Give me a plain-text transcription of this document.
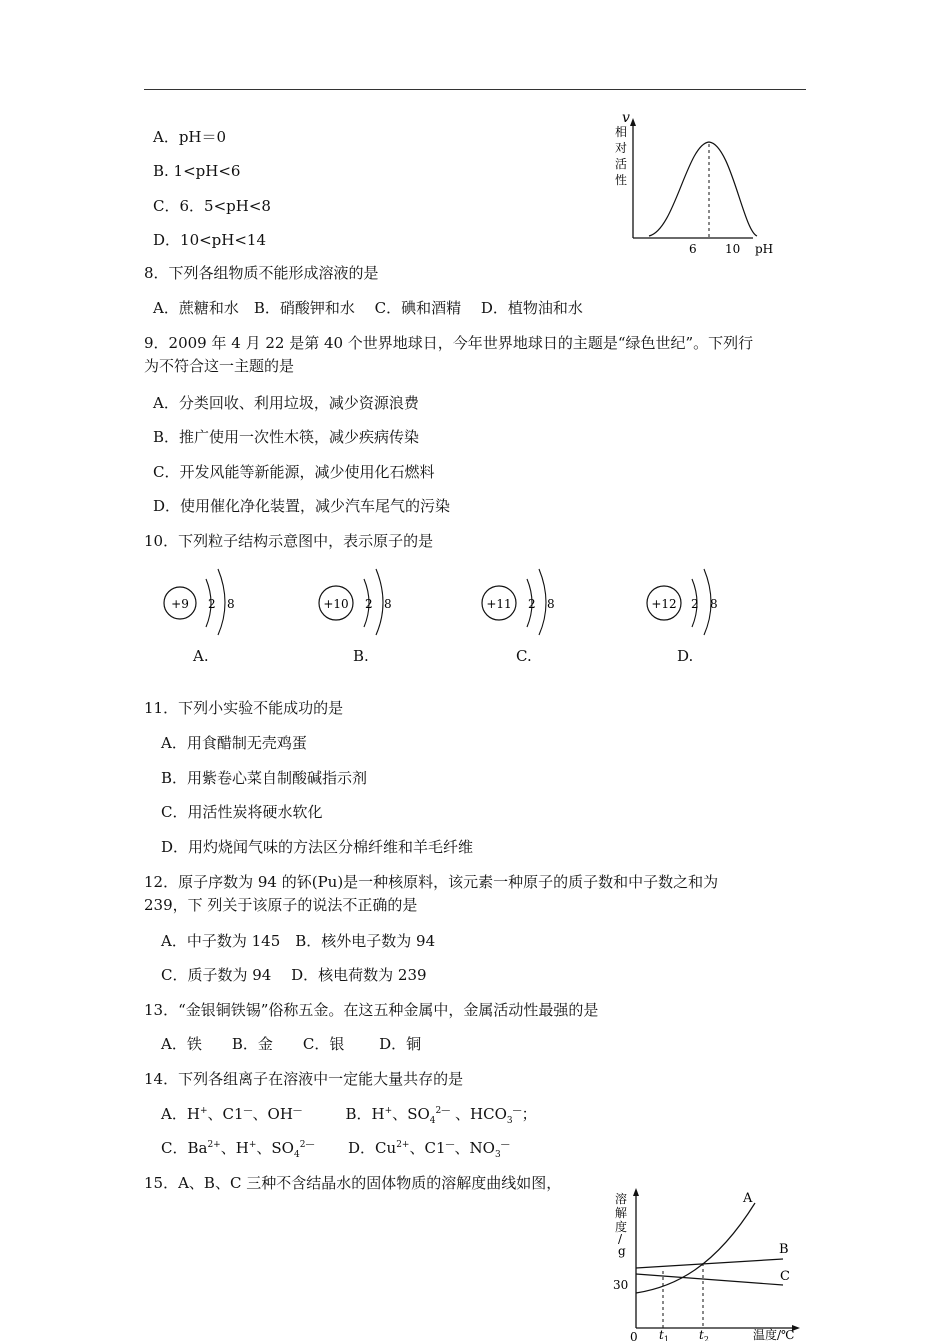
A．pH＝0
B. 1<pH<6
C．6．5<pH<8
D．10<pH<14
v
相
对
活
性
6 10 pH
8．下列各组物质不能形成溶液的是
A．蔗糖和水　B．硝酸钾和水　 C．碘和酒精　 D．植物油和水
9．2009 年 4 月 22 是第 40 个世界地球日，今年世界地球日的主题是“绿色世纪”。下列行
为不符合这一主题的是
A．分类回收、利用垃圾，减少资源浪费
B．推广使用一次性木筷，减少疾病传染
C．开发风能等新能源，减少使用化石燃料
D．使用催化净化装置，减少汽车尾气的污染
10．下列粒子结构示意图中，表示原子的是
+9 2 8
A.
+10 2 8
B.
+11 2 8
C.
+12 2 8
D.
11．下列小实验不能成功的是
A．用食醋制无壳鸡蛋
B．用紫卷心菜自制酸碱指示剂
C．用活性炭将硬水软化
D．用灼烧闻气味的方法区分棉纤维和羊毛纤维
12．原子序数为 94 的钚(Pu)是一种核原料，该元素一种原子的质子数和中子数之和为
239，下 列关于该原子的说法不正确的是
A．中子数为 145　B．核外电子数为 94
C．质子数为 94　 D．核电荷数为 239
13．“金银铜铁锡”俗称五金。在这五种金属中，金属活动性最强的是
A．铁　　B．金　　C．银　　 D．铜
14．下列各组离子在溶液中一定能大量共存的是
A．H+、C1—、OH—	B．H+、$SO_4^{2—}$ 、$HCO_3^—$；
C．$Ba^{2+}$、H+、$SO_4^{2—}$ D．$Cu^{2+}$、C1—、$NO_3^—$
15．A、B、C 三种不含结晶水的固体物质的溶解度曲线如图，
溶
解
度
/
g
30
0
A
B
C
$t_1$	$t_2$	温度/℃
